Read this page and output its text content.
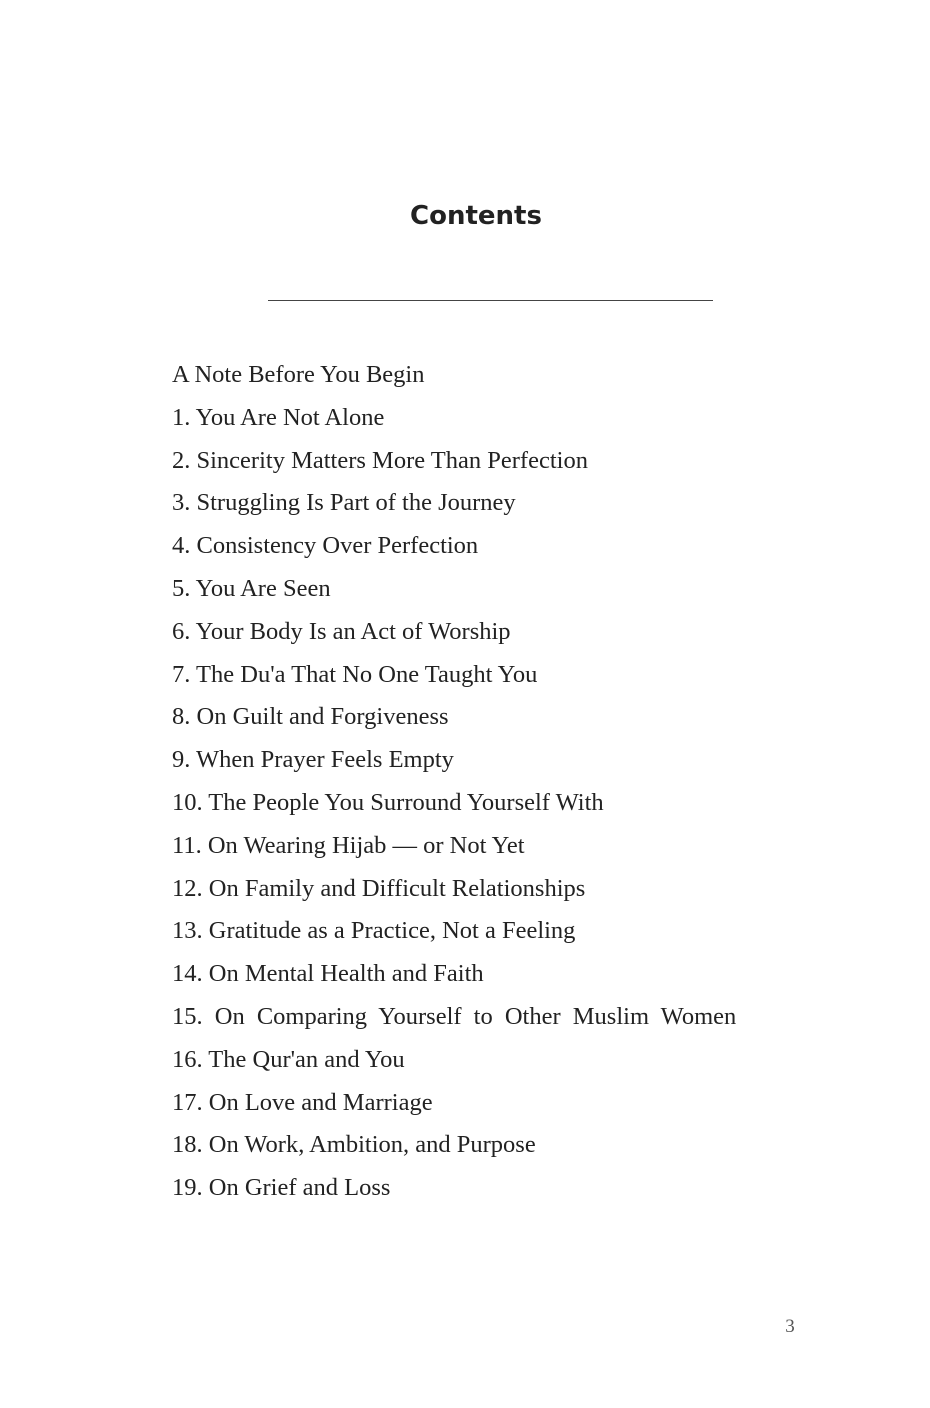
Contents
A Note Before You Begin
1. You Are Not Alone
2. Sincerity Matters More Than Perfection
3. Struggling Is Part of the Journey
4. Consistency Over Perfection
5. You Are Seen
6. Your Body Is an Act of Worship
7. The Du'a That No One Taught You
8. On Guilt and Forgiveness
9. When Prayer Feels Empty
10. The People You Surround Yourself With
11. On Wearing Hijab — or Not Yet
12. On Family and Difficult Relationships
13. Gratitude as a Practice, Not a Feeling
14. On Mental Health and Faith
15. On Comparing Yourself to Other Muslim Women
16. The Qur'an and You
17. On Love and Marriage
18. On Work, Ambition, and Purpose
19. On Grief and Loss
3
